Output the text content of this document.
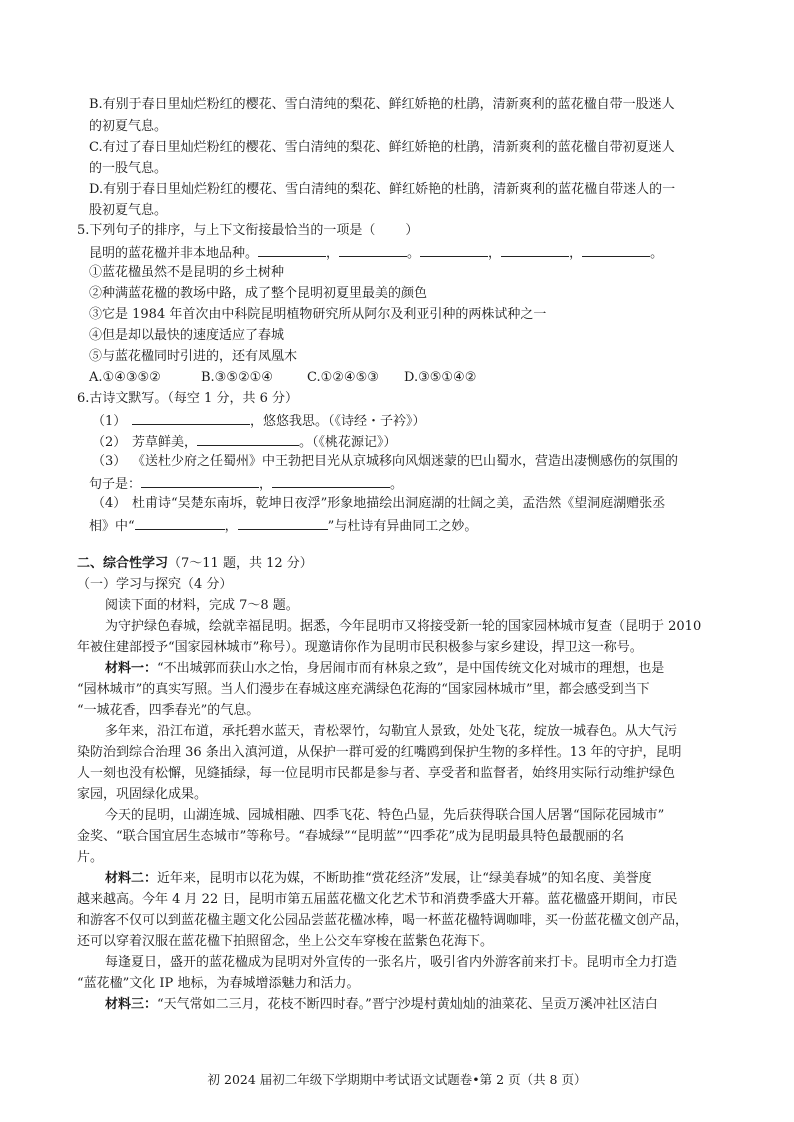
B.有别于春日里灿烂粉红的樱花、雪白清纯的梨花、鲜红娇艳的杜鹃，清新爽利的蓝花楹自带一股迷人
的初夏气息。
C.有过了春日里灿烂粉红的樱花、雪白清纯的梨花、鲜红娇艳的杜鹃，清新爽利的蓝花楹自带初夏迷人
的一股气息。
D.有别于春日里灿烂粉红的樱花、雪白清纯的梨花、鲜红娇艳的杜鹃，清新爽利的蓝花楹自带迷人的一
股初夏气息。
5.下列句子的排序，与上下文衔接最恰当的一项是（ ）
昆明的蓝花楹并非本地品种。	，	。	，	，	。
①蓝花楹虽然不是昆明的乡土树种
②种满蓝花楹的教场中路，成了整个昆明初夏里最美的颜色
③它是 1984 年首次由中科院昆明植物研究所从阿尔及利亚引种的两株试种之一
④但是却以最快的速度适应了春城
⑤与蓝花楹同时引进的，还有凤凰木
A.①④③⑤②	B.③⑤②①④	C.①②④⑤③ D.③⑤①④②
6.古诗文默写。（每空 1 分，共 6 分）
（1）	，悠悠我思。（《诗经・子衿》）
（2） 芳草鲜美，	。（《桃花源记》）
（3） 《送杜少府之任蜀州》中王勃把目光从京城移向风烟迷蒙的巴山蜀水，营造出凄恻感伤的氛围的
句子是：	，	。
（4） 杜甫诗“吴楚东南坼，乾坤日夜浮”形象地描绘出洞庭湖的壮阔之美，孟浩然《望洞庭湖赠张丞
相》中“	，	”与杜诗有异曲同工之妙。
二、综合性学习（7～11 题，共 12 分）
（一）学习与探究（4 分）
阅读下面的材料，完成 7～8 题。
为守护绿色春城，绘就幸福昆明。据悉，今年昆明市又将接受新一轮的国家园林城市复查（昆明于 2010
年被住建部授予“国家园林城市”称号）。现邀请你作为昆明市民积极参与家乡建设，捍卫这一称号。
材料一：“不出城郭而获山水之怡，身居闹市而有林泉之致”，是中国传统文化对城市的理想，也是
“园林城市”的真实写照。当人们漫步在春城这座充满绿色花海的“国家园林城市”里，都会感受到当下
“一城花香，四季春光”的气息。
多年来，沿江布道，承托碧水蓝天，青松翠竹，勾勒宜人景致，处处飞花，绽放一城春色。从大气污
染防治到综合治理 36 条出入滇河道，从保护一群可爱的红嘴鸥到保护生物的多样性。13 年的守护，昆明
人一刻也没有松懈，见缝插绿，每一位昆明市民都是参与者、享受者和监督者，始终用实际行动维护绿色
家园，巩固绿化成果。
今天的昆明，山湖连城、园城相融、四季飞花、特色凸显，先后获得联合国人居署“国际花园城市”
金奖、“联合国宜居生态城市”等称号。“春城绿”“昆明蓝”“四季花”成为昆明最具特色最靓丽的名
片。
材料二：近年来，昆明市以花为媒，不断助推“赏花经济”发展，让“绿美春城”的知名度、美誉度
越来越高。今年 4 月 22 日，昆明市第五届蓝花楹文化艺术节和消费季盛大开幕。蓝花楹盛开期间，市民
和游客不仅可以到蓝花楹主题文化公园品尝蓝花楹冰棒，喝一杯蓝花楹特调咖啡，买一份蓝花楹文创产品，
还可以穿着汉服在蓝花楹下拍照留念，坐上公交车穿梭在蓝紫色花海下。
每逢夏日，盛开的蓝花楹成为昆明对外宣传的一张名片，吸引省内外游客前来打卡。昆明市全力打造
“蓝花楹”文化 IP 地标，为春城增添魅力和活力。
材料三：“天气常如二三月，花枝不断四时春。”晋宁沙堤村黄灿灿的油菜花、呈贡万溪冲社区洁白
初 2024 届初二年级下学期期中考试语文试题卷•第 2 页（共 8 页）
